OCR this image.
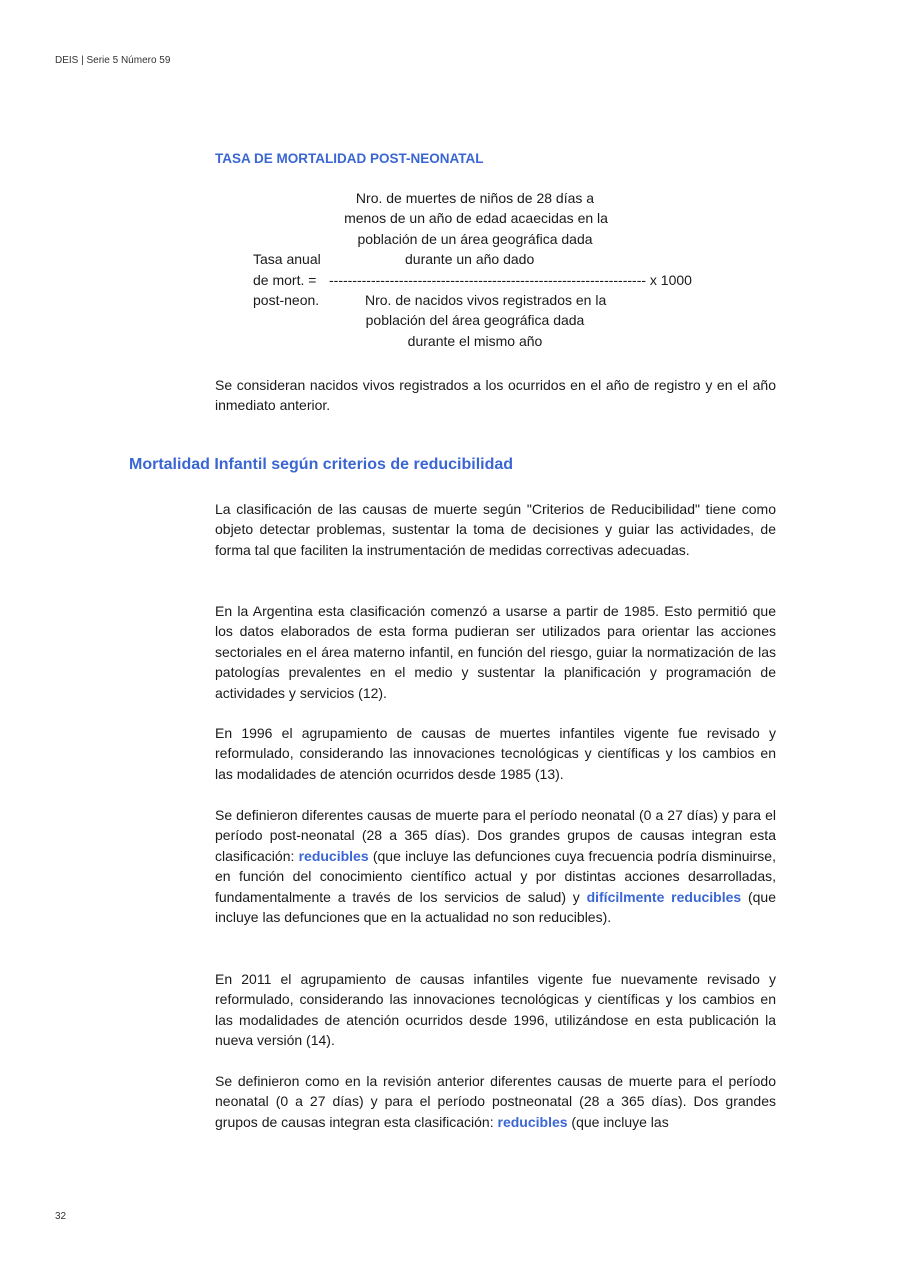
DEIS | Serie 5 Número 59
TASA DE MORTALIDAD POST-NEONATAL
Nro. de muertes de niños de 28 días a
menos de un año de edad acaecidas en la
población de un área geográfica dada
Tasa anual	durante un año dado
de mort. = -------------------------------------------------------------------- x 1000
post-neon.	Nro. de nacidos vivos registrados en la
población del área geográfica dada
durante el mismo año

Se consideran nacidos vivos registrados a los ocurridos en el año de registro y en el año inmediato anterior.

Mortalidad Infantil según criterios de reducibilidad

La clasificación de las causas de muerte según "Criterios de Reducibilidad" tiene como objeto detectar problemas, sustentar la toma de decisiones y guiar las actividades, de forma tal que faciliten la instrumentación de medidas correctivas adecuadas.

En la Argentina esta clasificación comenzó a usarse a partir de 1985. Esto permitió que los datos elaborados de esta forma pudieran ser utilizados para orientar las acciones sectoriales en el área materno infantil, en función del riesgo, guiar la normatización de las patologías prevalentes en el medio y sustentar la planificación y programación de actividades y servicios (12).

En 1996 el agrupamiento de causas de muertes infantiles vigente fue revisado y reformulado, considerando las innovaciones tecnológicas y científicas y los cambios en las modalidades de atención ocurridos desde 1985 (13).

Se definieron diferentes causas de muerte para el período neonatal (0 a 27 días) y para el período post-neonatal (28 a 365 días). Dos grandes grupos de causas integran esta clasificación: reducibles (que incluye las defunciones cuya frecuencia podría disminuirse, en función del conocimiento científico actual y por distintas acciones desarrolladas, fundamentalmente a través de los servicios de salud) y difícilmente reducibles (que incluye las defunciones que en la actualidad no son reducibles).

En 2011 el agrupamiento de causas infantiles vigente fue nuevamente revisado y reformulado, considerando las innovaciones tecnológicas y científicas y los cambios en las modalidades de atención ocurridos desde 1996, utilizándose en esta publicación la nueva versión (14).

Se definieron como en la revisión anterior diferentes causas de muerte para el período neonatal (0 a 27 días) y para el período postneonatal (28 a 365 días). Dos grandes grupos de causas integran esta clasificación: reducibles (que incluye las

32
